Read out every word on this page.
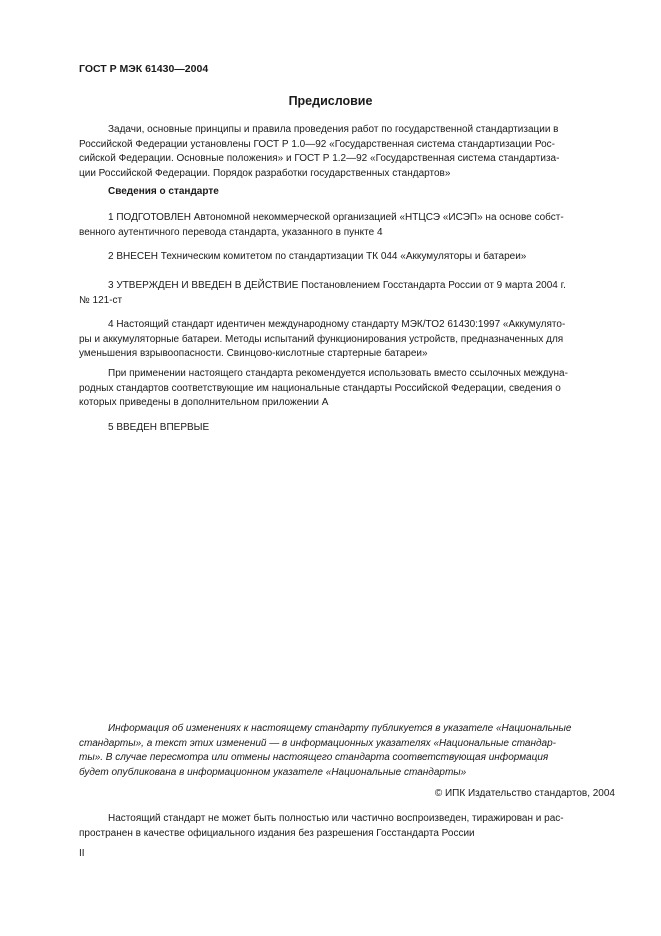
ГОСТ Р МЭК 61430—2004
Предисловие
Задачи, основные принципы и правила проведения работ по государственной стандартизации в
Российской Федерации установлены ГОСТ Р 1.0—92 «Государственная система стандартизации Рос-
сийской Федерации. Основные положения» и ГОСТ Р 1.2—92 «Государственная система стандартиза-
ции Российской Федерации. Порядок разработки государственных стандартов»
Сведения о стандарте
1 ПОДГОТОВЛЕН Автономной некоммерческой организацией «НТЦСЭ «ИСЭП» на основе собст-
венного аутентичного перевода стандарта, указанного в пункте 4
2 ВНЕСЕН Техническим комитетом по стандартизации ТК 044 «Аккумуляторы и батареи»
3 УТВЕРЖДЕН И ВВЕДЕН В ДЕЙСТВИЕ Постановлением Госстандарта России от 9 марта 2004 г.
№ 121-ст
4 Настоящий стандарт идентичен международному стандарту МЭК/ТО2 61430:1997 «Аккумулято-
ры и аккумуляторные батареи. Методы испытаний функционирования устройств, предназначенных для
уменьшения взрывоопасности. Свинцово-кислотные стартерные батареи»
При применении настоящего стандарта рекомендуется использовать вместо ссылочных междуна-
родных стандартов соответствующие им национальные стандарты Российской Федерации, сведения о
которых приведены в дополнительном приложении А
5 ВВЕДЕН ВПЕРВЫЕ
Информация об изменениях к настоящему стандарту публикуется в указателе «Национальные
стандарты», а текст этих изменений — в информационных указателях «Национальные стандар-
ты». В случае пересмотра или отмены настоящего стандарта соответствующая информация
будет опубликована в информационном указателе «Национальные стандарты»
© ИПК Издательство стандартов, 2004
Настоящий стандарт не может быть полностью или частично воспроизведен, тиражирован и рас-
пространен в качестве официального издания без разрешения Госстандарта России
II
